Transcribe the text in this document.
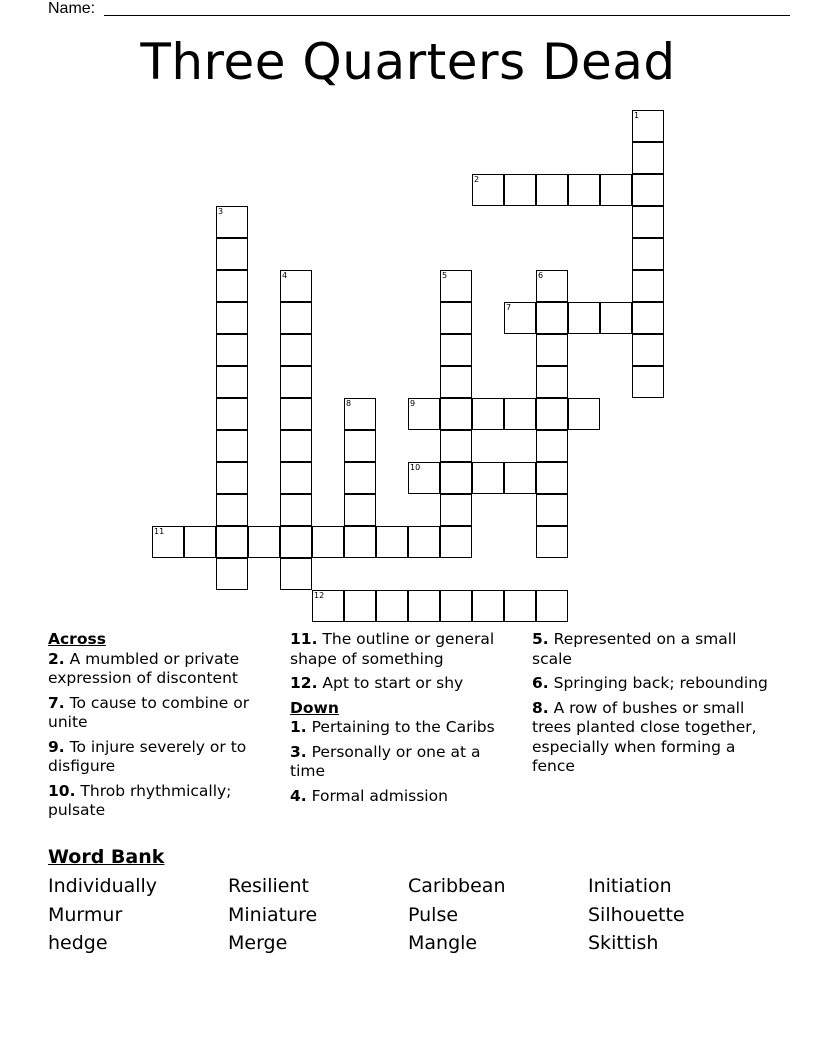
Name:
Three Quarters Dead
1
2
3
4	5	6
7
8	9
10
11
12
Across
2. A mumbled or private expression of discontent
7. To cause to combine or unite
9. To injure severely or to disfigure
10. Throb rhythmically; pulsate
11. The outline or general shape of something
12. Apt to start or shy
Down
1. Pertaining to the Caribs
3. Personally or one at a time
4. Formal admission
5. Represented on a small scale
6. Springing back; rebounding
8. A row of bushes or small trees planted close together, especially when forming a fence
Word Bank
Individually	Resilient	Caribbean	Initiation
Murmur	Miniature	Pulse	Silhouette
hedge	Merge	Mangle	Skittish
